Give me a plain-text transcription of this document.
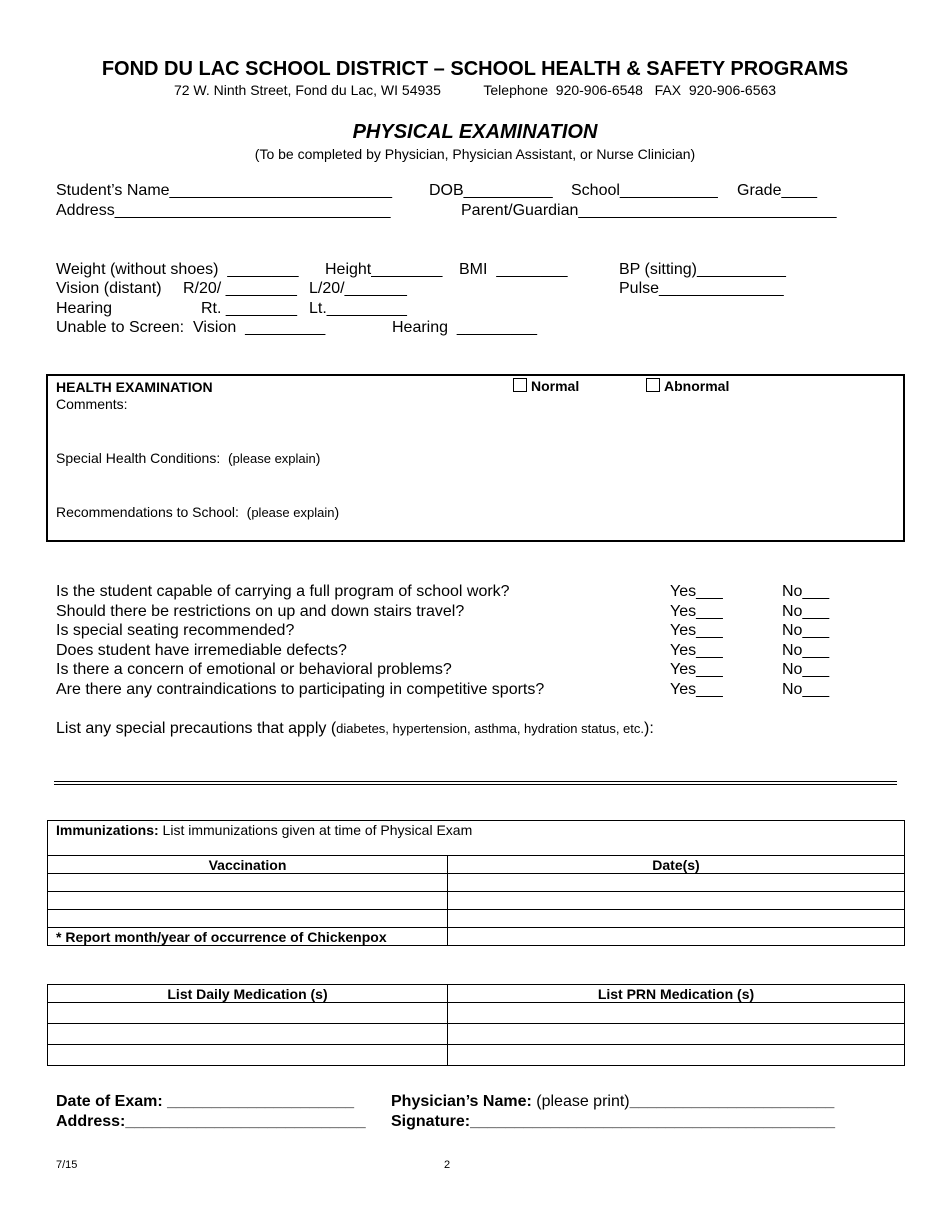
FOND DU LAC SCHOOL DISTRICT – SCHOOL HEALTH & SAFETY PROGRAMS
72 W. Ninth Street, Fond du Lac, WI 54935           Telephone  920-906-6548   FAX  920-906-6563
PHYSICAL EXAMINATION
(To be completed by Physician, Physician Assistant, or Nurse Clinician)
Student’s Name_________________________ DOB__________ School___________ Grade____
Address_______________________________	Parent/Guardian_____________________________
Weight (without shoes)  ________ Height________ BMI  ________	BP (sitting)__________
Vision (distant) R/20/ ________ L/20/_______	Pulse______________
Hearing	Rt. ________ Lt._________
Unable to Screen:  Vision  _________	Hearing  _________
HEALTH EXAMINATION	Normal	Abnormal
Comments:
Special Health Conditions:  (please explain)
Recommendations to School:  (please explain)
Is the student capable of carrying a full program of school work?	Yes___	No___
Should there be restrictions on up and down stairs travel?	Yes___	No___
Is special seating recommended?	Yes___	No___
Does student have irremediable defects?	Yes___	No___
Is there a concern of emotional or behavioral problems?	Yes___	No___
Are there any contraindications to participating in competitive sports?	Yes___	No___
List any special precautions that apply (diabetes, hypertension, asthma, hydration status, etc.):
Immunizations: List immunizations given at time of Physical Exam	
Vaccination	Date(s)

* Report month/year of occurrence of Chickenpox	
List Daily Medication (s)	List PRN Medication (s)

Date of Exam: _____________________
Address:___________________________
Physician’s Name: (please print)_______________________
Signature:_________________________________________
7/15	2
